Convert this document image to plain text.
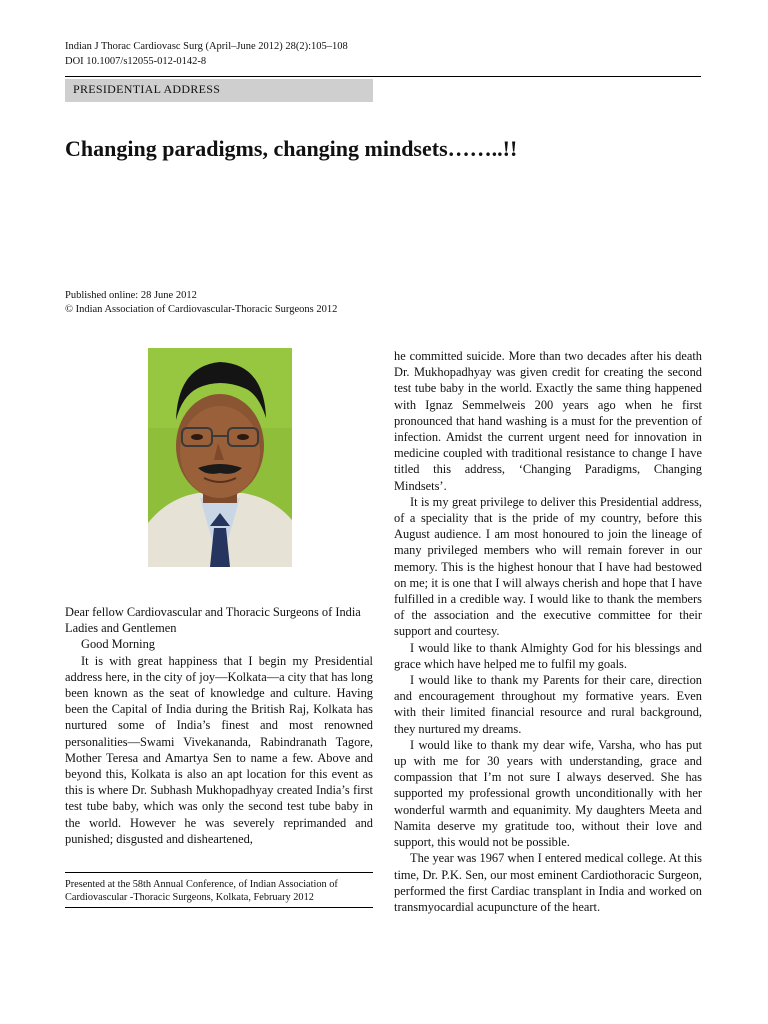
Indian J Thorac Cardiovasc Surg (April–June 2012) 28(2):105–108
DOI 10.1007/s12055-012-0142-8
PRESIDENTIAL ADDRESS
Changing paradigms, changing mindsets……..!!
Published online: 28 June 2012
© Indian Association of Cardiovascular-Thoracic Surgeons 2012

Dear fellow Cardiovascular and Thoracic Surgeons of India

Ladies and Gentlemen

Good Morning

It is with great happiness that I begin my Presidential address here, in the city of joy—Kolkata—a city that has long been known as the seat of knowledge and culture. Having been the Capital of India during the British Raj, Kolkata has nurtured some of India’s finest and most renowned personalities—Swami Vivekananda, Rabindranath Tagore, Mother Teresa and Amartya Sen to name a few. Above and beyond this, Kolkata is also an apt location for this event as this is where Dr. Subhash Mukhopadhyay created India’s first test tube baby, which was only the second test tube baby in the world. However he was severely reprimanded and punished; disgusted and disheartened,

Presented at the 58th Annual Conference, of Indian Association of Cardiovascular -Thoracic Surgeons, Kolkata, February 2012

he committed suicide. More than two decades after his death Dr. Mukhopadhyay was given credit for creating the second test tube baby in the world. Exactly the same thing happened with Ignaz Semmelweis 200 years ago when he first pronounced that hand washing is a must for the prevention of infection. Amidst the current urgent need for innovation in medicine coupled with traditional resistance to change I have titled this address, ‘Changing Paradigms, Changing Mindsets’.

It is my great privilege to deliver this Presidential address, of a speciality that is the pride of my country, before this August audience. I am most honoured to join the lineage of many privileged members who will remain forever in our memory. This is the highest honour that I have had bestowed on me; it is one that I will always cherish and hope that I have fulfilled in a credible way. I would like to thank the members of the association and the executive committee for their support and courtesy.

I would like to thank Almighty God for his blessings and grace which have helped me to fulfil my goals.

I would like to thank my Parents for their care, direction and encouragement throughout my formative years. Even with their limited financial resource and rural background, they nurtured my dreams.

I would like to thank my dear wife, Varsha, who has put up with me for 30 years with understanding, grace and compassion that I’m not sure I always deserved. She has supported my professional growth unconditionally with her wonderful warmth and equanimity. My daughters Meeta and Namita deserve my gratitude too, without their love and support, this would not be possible.

The year was 1967 when I entered medical college. At this time, Dr. P.K. Sen, our most eminent Cardiothoracic Surgeon, performed the first Cardiac transplant in India and worked on transmyocardial acupuncture of the heart.
